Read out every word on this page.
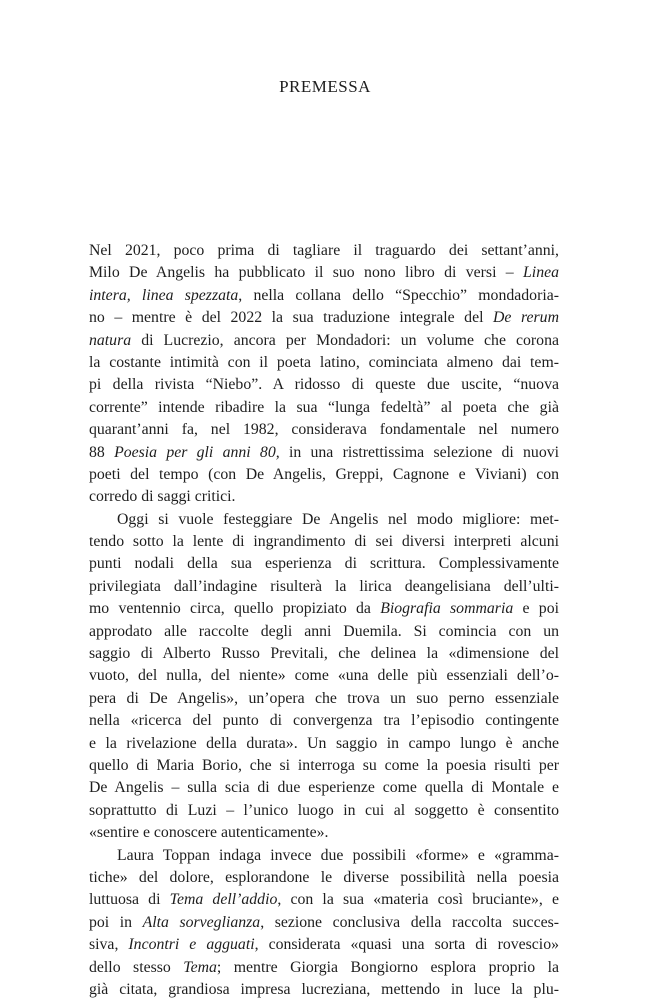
PREMESSA
Nel 2021, poco prima di tagliare il traguardo dei settant’anni,
Milo De Angelis ha pubblicato il suo nono libro di versi – Linea
intera, linea spezzata, nella collana dello “Specchio” mondadoria-
no – mentre è del 2022 la sua traduzione integrale del De rerum
natura di Lucrezio, ancora per Mondadori: un volume che corona
la costante intimità con il poeta latino, cominciata almeno dai tem-
pi della rivista “Niebo”. A ridosso di queste due uscite, “nuova
corrente” intende ribadire la sua “lunga fedeltà” al poeta che già
quarant’anni fa, nel 1982, considerava fondamentale nel numero
88 Poesia per gli anni 80, in una ristrettissima selezione di nuovi
poeti del tempo (con De Angelis, Greppi, Cagnone e Viviani) con
corredo di saggi critici.
Oggi si vuole festeggiare De Angelis nel modo migliore: met-
tendo sotto la lente di ingrandimento di sei diversi interpreti alcuni
punti nodali della sua esperienza di scrittura. Complessivamente
privilegiata dall’indagine risulterà la lirica deangelisiana dell’ulti-
mo ventennio circa, quello propiziato da Biografia sommaria e poi
approdato alle raccolte degli anni Duemila. Si comincia con un
saggio di Alberto Russo Previtali, che delinea la «dimensione del
vuoto, del nulla, del niente» come «una delle più essenziali dell’o-
pera di De Angelis», un’opera che trova un suo perno essenziale
nella «ricerca del punto di convergenza tra l’episodio contingente
e la rivelazione della durata». Un saggio in campo lungo è anche
quello di Maria Borio, che si interroga su come la poesia risulti per
De Angelis – sulla scia di due esperienze come quella di Montale e
soprattutto di Luzi – l’unico luogo in cui al soggetto è consentito
«sentire e conoscere autenticamente».
Laura Toppan indaga invece due possibili «forme» e «gramma-
tiche» del dolore, esplorandone le diverse possibilità nella poesia
luttuosa di Tema dell’addio, con la sua «materia così bruciante», e
poi in Alta sorveglianza, sezione conclusiva della raccolta succes-
siva, Incontri e agguati, considerata «quasi una sorta di rovescio»
dello stesso Tema; mentre Giorgia Bongiorno esplora proprio la
già citata, grandiosa impresa lucreziana, mettendo in luce la plu-
